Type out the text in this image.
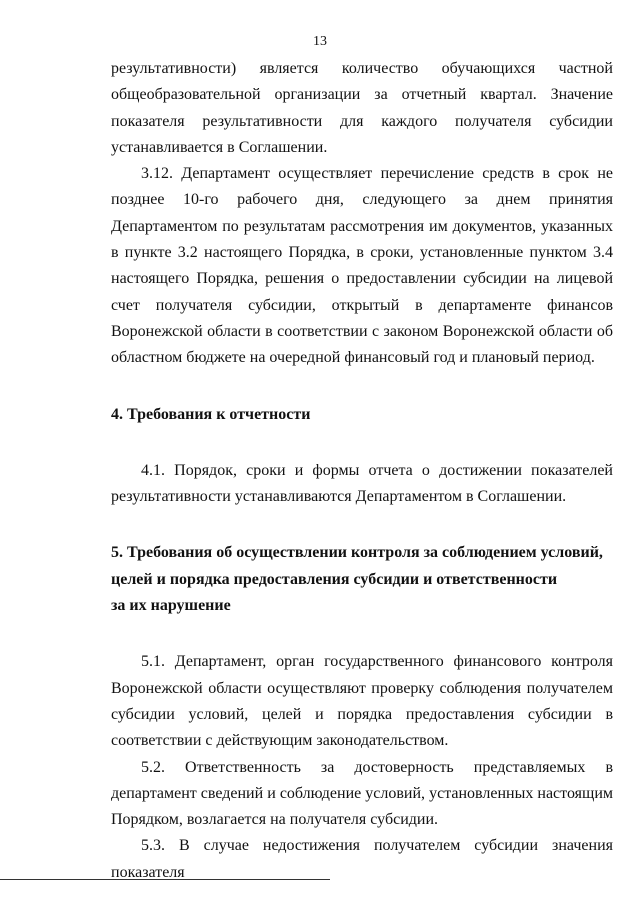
13

результативности) является количество обучающихся частной общеобразовательной организации за отчетный квартал. Значение показателя результативности для каждого получателя субсидии устанавливается в Соглашении.

3.12. Департамент осуществляет перечисление средств в срок не позднее 10-го рабочего дня, следующего за днем принятия Департаментом по результатам рассмотрения им документов, указанных в пункте 3.2 настоящего Порядка, в сроки, установленные пунктом 3.4 настоящего Порядка, решения о предоставлении субсидии на лицевой счет получателя субсидии, открытый в департаменте финансов Воронежской области в соответствии с законом Воронежской области об областном бюджете на очередной финансовый год и плановый период.

4. Требования к отчетности

4.1. Порядок, сроки и формы отчета о достижении показателей результативности устанавливаются Департаментом в Соглашении.

5. Требования об осуществлении контроля за соблюдением условий,

целей и порядка предоставления субсидии и ответственности

за их нарушение

5.1. Департамент, орган государственного финансового контроля Воронежской области осуществляют проверку соблюдения получателем субсидии условий, целей и порядка предоставления субсидии в соответствии с действующим законодательством.

5.2. Ответственность за достоверность представляемых в департамент сведений и соблюдение условий, установленных настоящим Порядком, возлагается на получателя субсидии.

5.3. В случае недостижения получателем субсидии значения показателя
